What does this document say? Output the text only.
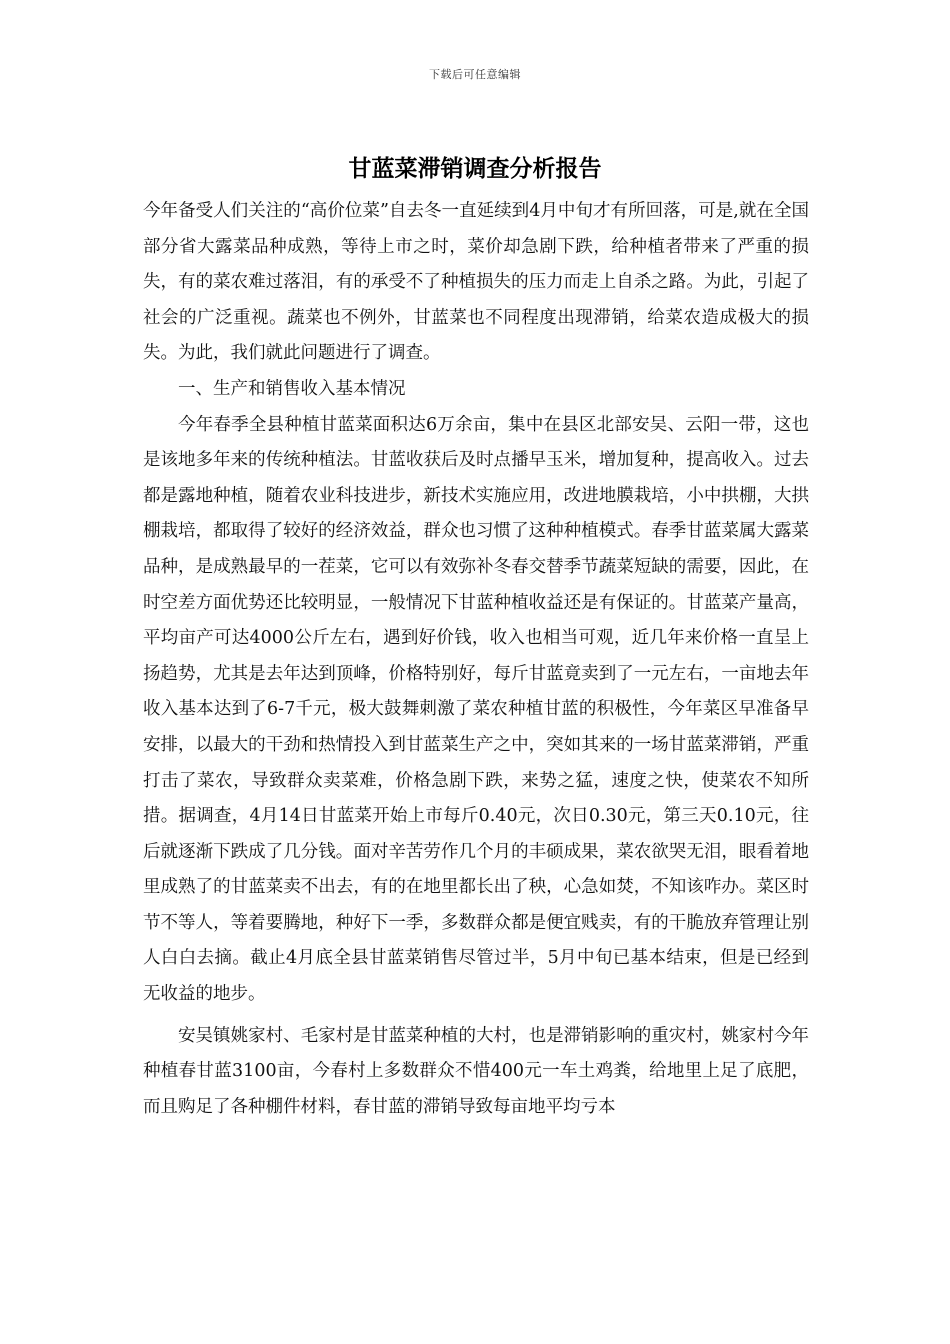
下载后可任意编辑
甘蓝菜滞销调查分析报告

今年备受人们关注的“高价位菜”自去冬一直延续到4月中旬才有所回落，可是,就在全国部分省大露菜品种成熟，等待上市之时，菜价却急剧下跌，给种植者带来了严重的损失，有的菜农难过落泪，有的承受不了种植损失的压力而走上自杀之路。为此，引起了社会的广泛重视。蔬菜也不例外，甘蓝菜也不同程度出现滞销，给菜农造成极大的损失。为此，我们就此问题进行了调查。

一、生产和销售收入基本情况

今年春季全县种植甘蓝菜面积达6万余亩，集中在县区北部安吴、云阳一带，这也是该地多年来的传统种植法。甘蓝收获后及时点播早玉米，增加复种，提高收入。过去都是露地种植，随着农业科技进步，新技术实施应用，改进地膜栽培，小中拱棚，大拱棚栽培，都取得了较好的经济效益，群众也习惯了这种种植模式。春季甘蓝菜属大露菜品种，是成熟最早的一茬菜，它可以有效弥补冬春交替季节蔬菜短缺的需要，因此，在时空差方面优势还比较明显，一般情况下甘蓝种植收益还是有保证的。甘蓝菜产量高，平均亩产可达4000公斤左右，遇到好价钱，收入也相当可观，近几年来价格一直呈上扬趋势，尤其是去年达到顶峰，价格特别好，每斤甘蓝竟卖到了一元左右，一亩地去年收入基本达到了6-7千元，极大鼓舞刺激了菜农种植甘蓝的积极性，今年菜区早准备早安排，以最大的干劲和热情投入到甘蓝菜生产之中，突如其来的一场甘蓝菜滞销，严重打击了菜农，导致群众卖菜难，价格急剧下跌，来势之猛，速度之快，使菜农不知所措。据调查，4月14日甘蓝菜开始上市每斤0.40元，次日0.30元，第三天0.10元，往后就逐渐下跌成了几分钱。面对辛苦劳作几个月的丰硕成果，菜农欲哭无泪，眼看着地里成熟了的甘蓝菜卖不出去，有的在地里都长出了秧，心急如焚，不知该咋办。菜区时节不等人，等着要腾地，种好下一季，多数群众都是便宜贱卖，有的干脆放弃管理让别人白白去摘。截止4月底全县甘蓝菜销售尽管过半，5月中旬已基本结束，但是已经到无收益的地步。

安吴镇姚家村、毛家村是甘蓝菜种植的大村，也是滞销影响的重灾村，姚家村今年种植春甘蓝3100亩，今春村上多数群众不惜400元一车土鸡粪，给地里上足了底肥，而且购足了各种棚件材料，春甘蓝的滞销导致每亩地平均亏本
